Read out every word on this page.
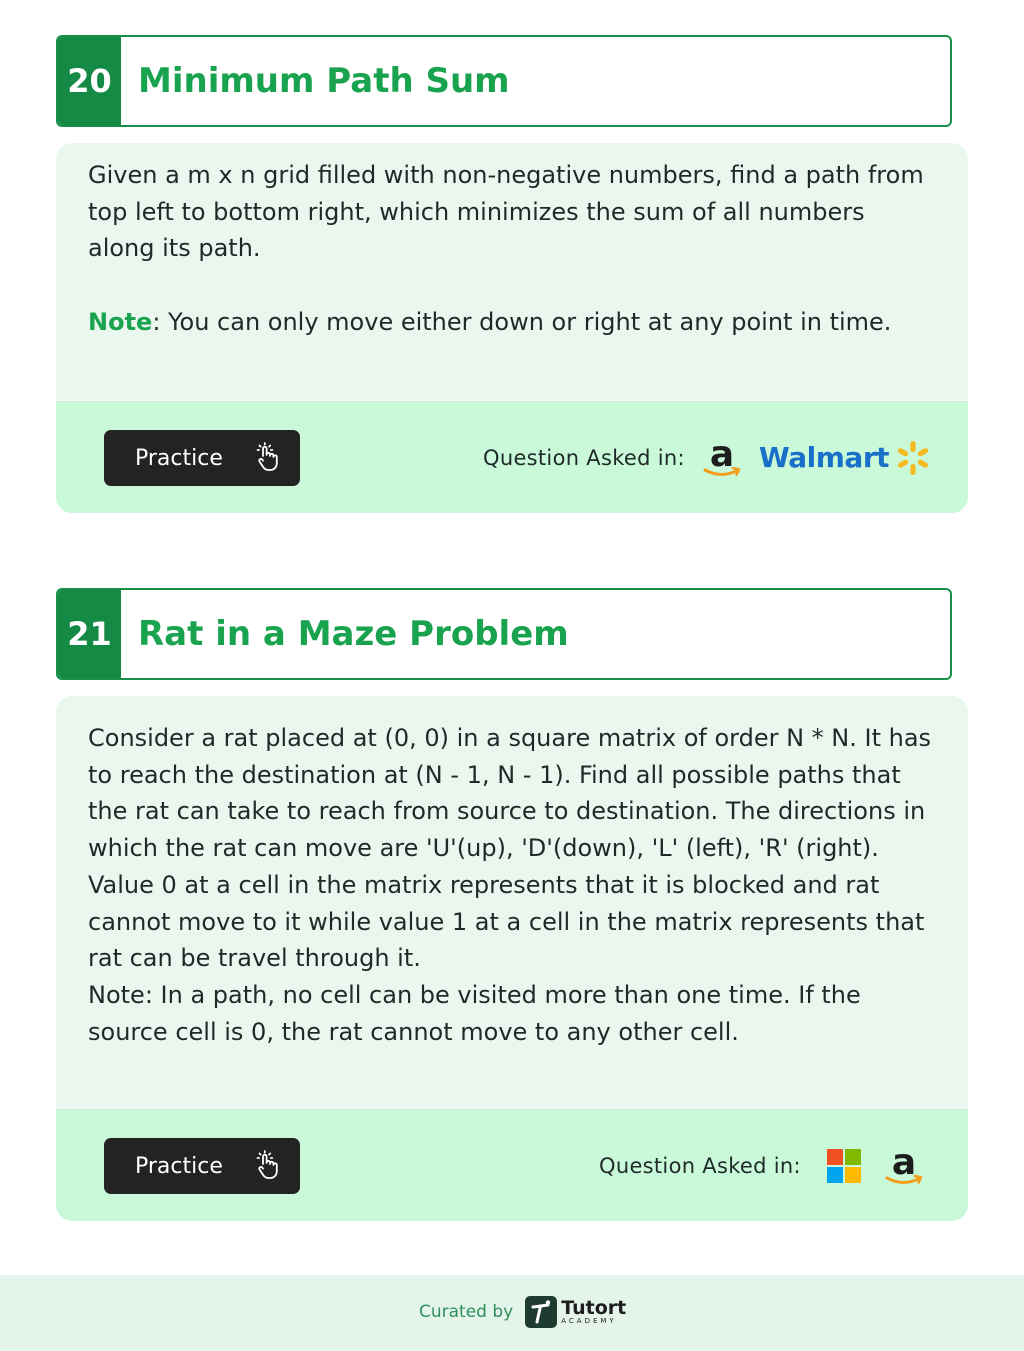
20 Minimum Path Sum

Given a m x n grid filled with non-negative numbers, find a path from top left to bottom right, which minimizes the sum of all numbers along its path.

Note: You can only move either down or right at any point in time.

Practice	Question Asked in: a Walmart
21 Rat in a Maze Problem

Consider a rat placed at (0, 0) in a square matrix of order N * N. It has to reach the destination at (N - 1, N - 1). Find all possible paths that the rat can take to reach from source to destination. The directions in which the rat can move are 'U'(up), 'D'(down), 'L' (left), 'R' (right). Value 0 at a cell in the matrix represents that it is blocked and rat cannot move to it while value 1 at a cell in the matrix represents that rat can be travel through it.

Note: In a path, no cell can be visited more than one time. If the source cell is 0, the rat cannot move to any other cell.

Practice	Question Asked in:	a
Curated by	Tutort
ACADEMY
